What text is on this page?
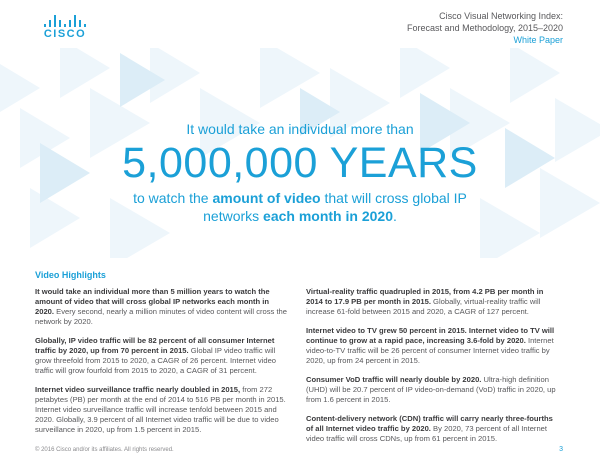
CISCO
Cisco Visual Networking Index:
Forecast and Methodology, 2015–2020
White Paper
It would take an individual more than
5,000,000 YEARS
to watch the amount of video that will cross global IP
networks each month in 2020.
Video Highlights

It would take an individual more than 5 million years to watch the amount of video that will cross global IP networks each month in 2020. Every second, nearly a million minutes of video content will cross the network by 2020.

Globally, IP video traffic will be 82 percent of all consumer Internet traffic by 2020, up from 70 percent in 2015. Global IP video traffic will grow threefold from 2015 to 2020, a CAGR of 26 percent. Internet video traffic will grow fourfold from 2015 to 2020, a CAGR of 31 percent.

Internet video surveillance traffic nearly doubled in 2015, from 272 petabytes (PB) per month at the end of 2014 to 516 PB per month in 2015. Internet video surveillance traffic will increase tenfold between 2015 and 2020. Globally, 3.9 percent of all Internet video traffic will be due to video surveillance in 2020, up from 1.5 percent in 2015.

Virtual-reality traffic quadrupled in 2015, from 4.2 PB per month in 2014 to 17.9 PB per month in 2015. Globally, virtual-reality traffic will increase 61-fold between 2015 and 2020, a CAGR of 127 percent.

Internet video to TV grew 50 percent in 2015. Internet video to TV will continue to grow at a rapid pace, increasing 3.6-fold by 2020. Internet video-to-TV traffic will be 26 percent of consumer Internet video traffic by 2020, up from 24 percent in 2015.

Consumer VoD traffic will nearly double by 2020. Ultra-high definition (UHD) will be 20.7 percent of IP video-on-demand (VoD) traffic in 2020, up from 1.6 percent in 2015.

Content-delivery network (CDN) traffic will carry nearly three-fourths of all Internet video traffic by 2020. By 2020, 73 percent of all Internet video traffic will cross CDNs, up from 61 percent in 2015.

© 2016 Cisco and/or its affiliates. All rights reserved.	3
